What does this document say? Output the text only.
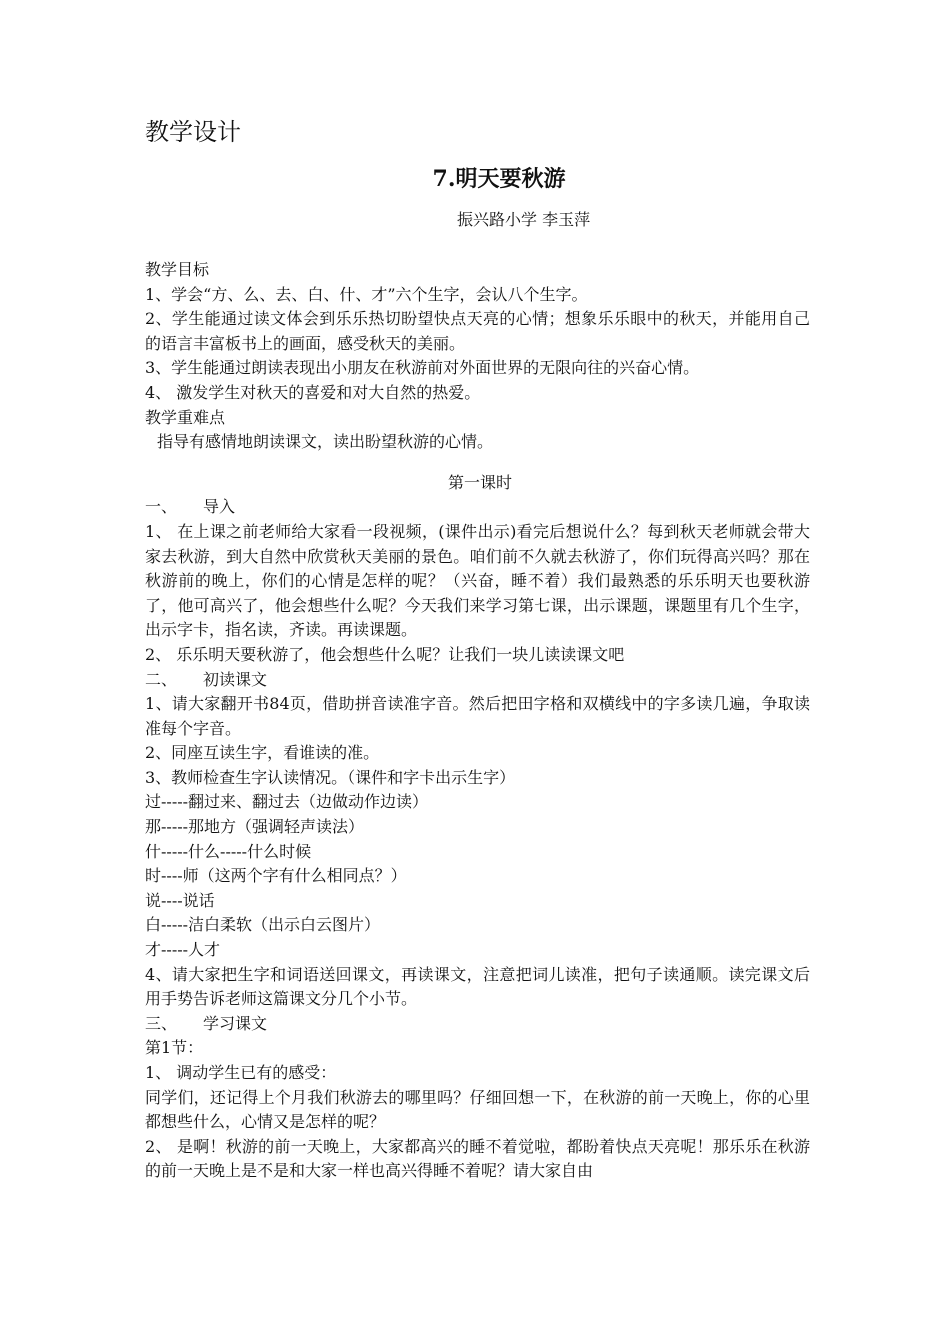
教学设计
7.明天要秋游
振兴路小学 李玉萍

教学目标

1、学会“方、么、去、白、什、才”六个生字，会认八个生字。

2、学生能通过读文体会到乐乐热切盼望快点天亮的心情；想象乐乐眼中的秋天，并能用自己的语言丰富板书上的画面，感受秋天的美丽。

3、学生能通过朗读表现出小朋友在秋游前对外面世界的无限向往的兴奋心情。

4、 激发学生对秋天的喜爱和对大自然的热爱。

教学重难点

指导有感情地朗读课文，读出盼望秋游的心情。

第一课时

一、 导入

1、 在上课之前老师给大家看一段视频，(课件出示)看完后想说什么？每到秋天老师就会带大家去秋游，到大自然中欣赏秋天美丽的景色。咱们前不久就去秋游了，你们玩得高兴吗？那在秋游前的晚上，你们的心情是怎样的呢？（兴奋，睡不着）我们最熟悉的乐乐明天也要秋游了，他可高兴了，他会想些什么呢？今天我们来学习第七课，出示课题，课题里有几个生字，出示字卡，指名读，齐读。再读课题。

2、 乐乐明天要秋游了，他会想些什么呢？让我们一块儿读读课文吧

二、 初读课文

1、请大家翻开书84页，借助拼音读准字音。然后把田字格和双横线中的字多读几遍，争取读准每个字音。

2、同座互读生字，看谁读的准。

3、教师检查生字认读情况。（课件和字卡出示生字）

过-----翻过来、翻过去（边做动作边读）

那-----那地方（强调轻声读法）

什-----什么-----什么时候

时----师（这两个字有什么相同点？）

说----说话

白-----洁白柔软（出示白云图片）

才-----人才

4、请大家把生字和词语送回课文，再读课文，注意把词儿读准，把句子读通顺。读完课文后用手势告诉老师这篇课文分几个小节。

三、 学习课文

第1节：

1、 调动学生已有的感受：

同学们，还记得上个月我们秋游去的哪里吗？仔细回想一下，在秋游的前一天晚上，你的心里都想些什么，心情又是怎样的呢？

2、 是啊！秋游的前一天晚上，大家都高兴的睡不着觉啦，都盼着快点天亮呢！那乐乐在秋游的前一天晚上是不是和大家一样也高兴得睡不着呢？请大家自由
